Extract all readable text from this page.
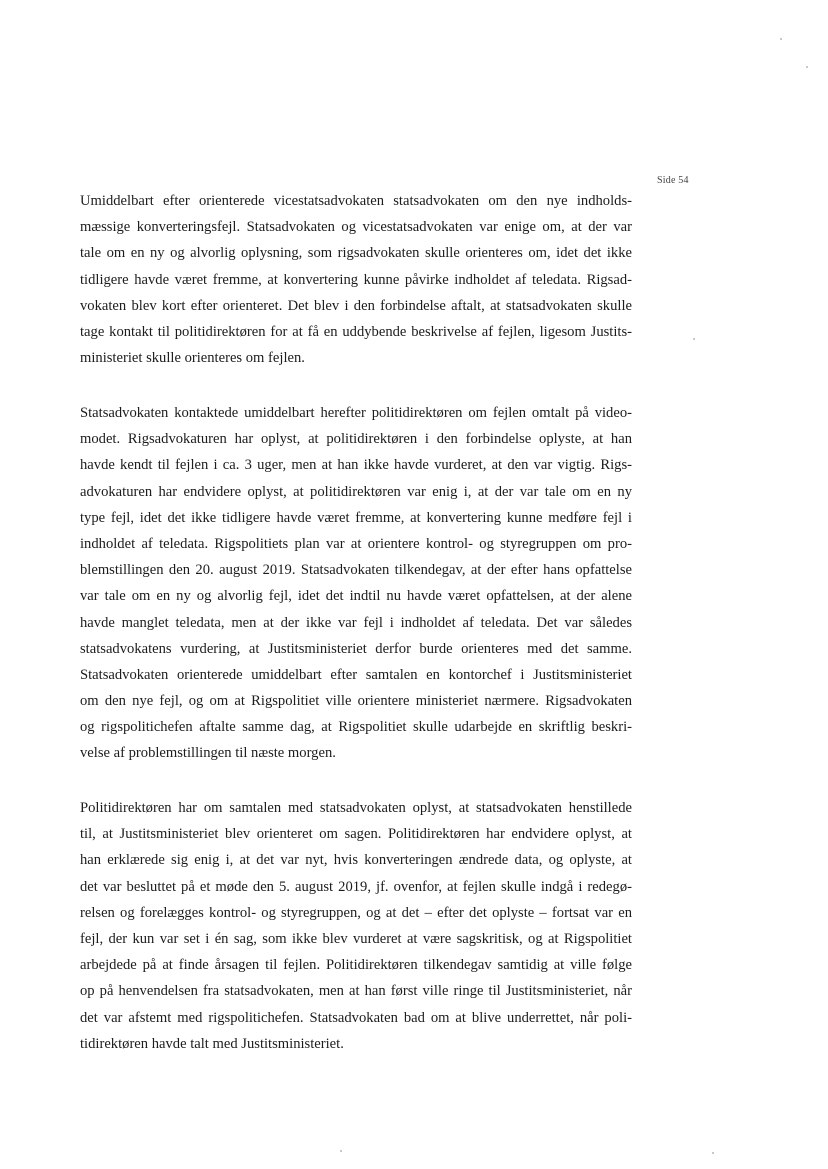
Side 54
Umiddelbart efter orienterede vicestatsadvokaten statsadvokaten om den nye indholds-
mæssige konverteringsfejl. Statsadvokaten og vicestatsadvokaten var enige om, at der var
tale om en ny og alvorlig oplysning, som rigsadvokaten skulle orienteres om, idet det ikke
tidligere havde været fremme, at konvertering kunne påvirke indholdet af teledata. Rigsad-
vokaten blev kort efter orienteret. Det blev i den forbindelse aftalt, at statsadvokaten skulle
tage kontakt til politidirektøren for at få en uddybende beskrivelse af fejlen, ligesom Justits-
ministeriet skulle orienteres om fejlen.
Statsadvokaten kontaktede umiddelbart herefter politidirektøren om fejlen omtalt på video-
modet. Rigsadvokaturen har oplyst, at politidirektøren i den forbindelse oplyste, at han
havde kendt til fejlen i ca. 3 uger, men at han ikke havde vurderet, at den var vigtig. Rigs-
advokaturen har endvidere oplyst, at politidirektøren var enig i, at der var tale om en ny
type fejl, idet det ikke tidligere havde været fremme, at konvertering kunne medføre fejl i
indholdet af teledata. Rigspolitiets plan var at orientere kontrol- og styregruppen om pro-
blemstillingen den 20. august 2019. Statsadvokaten tilkendegav, at der efter hans opfattelse
var tale om en ny og alvorlig fejl, idet det indtil nu havde været opfattelsen, at der alene
havde manglet teledata, men at der ikke var fejl i indholdet af teledata. Det var således
statsadvokatens vurdering, at Justitsministeriet derfor burde orienteres med det samme.
Statsadvokaten orienterede umiddelbart efter samtalen en kontorchef i Justitsministeriet
om den nye fejl, og om at Rigspolitiet ville orientere ministeriet nærmere. Rigsadvokaten
og rigspolitichefen aftalte samme dag, at Rigspolitiet skulle udarbejde en skriftlig beskri-
velse af problemstillingen til næste morgen.
Politidirektøren har om samtalen med statsadvokaten oplyst, at statsadvokaten henstillede
til, at Justitsministeriet blev orienteret om sagen. Politidirektøren har endvidere oplyst, at
han erklærede sig enig i, at det var nyt, hvis konverteringen ændrede data, og oplyste, at
det var besluttet på et møde den 5. august 2019, jf. ovenfor, at fejlen skulle indgå i redegø-
relsen og forelægges kontrol- og styregruppen, og at det – efter det oplyste – fortsat var en
fejl, der kun var set i én sag, som ikke blev vurderet at være sagskritisk, og at Rigspolitiet
arbejdede på at finde årsagen til fejlen. Politidirektøren tilkendegav samtidig at ville følge
op på henvendelsen fra statsadvokaten, men at han først ville ringe til Justitsministeriet, når
det var afstemt med rigspolitichefen. Statsadvokaten bad om at blive underrettet, når poli-
tidirektøren havde talt med Justitsministeriet.
